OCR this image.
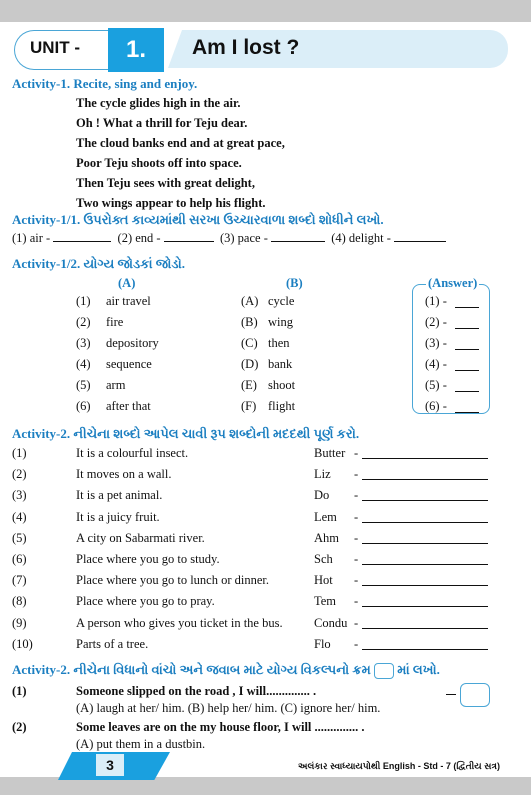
UNIT -	1.	Am I lost ?
Activity-1. Recite, sing and enjoy.
The cycle glides high in the air.
Oh ! What a thrill for Teju dear.
The cloud banks end and at great pace,
Poor Teju shoots off into space.
Then Teju sees with great delight,
Two wings appear to help his flight.
Activity-1/1. ઉપરોક્ત કાવ્યમાંથી સરખા ઉચ્ચારવાળા શબ્દો શોધીને લખો.
(1) air -	(2) end -	(3) pace -	(4) delight -
Activity-1/2. યોગ્ય જોડકાં જોડો.
(A)	(B)	(Answer)
(1) air travel	(A) cycle	(1) -
(2) fire	(B) wing	(2) -
(3) depository	(C) then	(3) -
(4) sequence	(D) bank	(4) -
(5) arm	(E) shoot	(5) -
(6) after that	(F) flight	(6) -
Activity-2. નીચેના શબ્દો આપેલ ચાવી રૂપ શબ્દોની મદદથી પૂર્ણ કરો.
(1)	It is a colourful insect.	Butter -
(2)	It moves on a wall.	Liz -
(3)	It is a pet animal.	Do -
(4)	It is a juicy fruit.	Lem -
(5)	A city on Sabarmati river.	Ahm -
(6)	Place where you go to study.	Sch -
(7)	Place where you go to lunch or dinner.	Hot -
(8)	Place where you go to pray.	Tem -
(9)	A person who gives you ticket in the bus.	Condu -
(10)	Parts of a tree.	Flo -
Activity-2. નીચેના વિધાનો વાંચો અને જવાબ માટે યોગ્ય વિકલ્પનો ક્રમ માં લખો.
(1)	Someone slipped on the road , I will.............. .
(A) laugh at her/ him. (B) help her/ him. (C) ignore her/ him.
(2)	Some leaves are on the my house floor, I will .............. .
(A) put them in a dustbin.
3	અલંકાર સ્વાધ્યાયપોથી English - Std - 7 (દ્વિતીય સત્ર)
